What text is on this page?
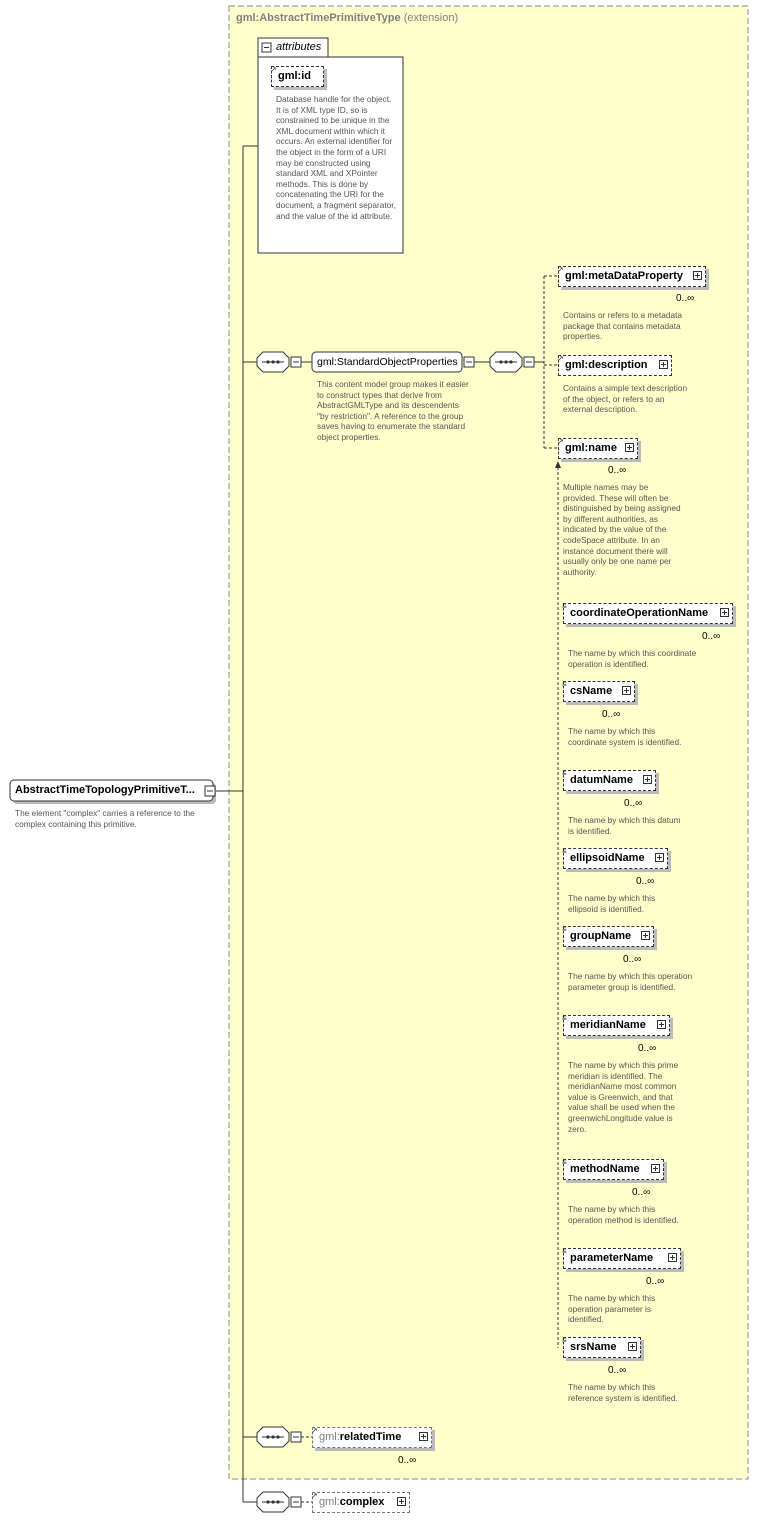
gml:AbstractTimePrimitiveType (extension)
attributes
↗
gml:id
Database handle for the object. It is of XML type ID, so is constrained to be unique in the XML document within which it occurs. An external identifier for the object in the form of a URI may be constructed using standard XML and XPointer methods. This is done by concatenating the URI for the document, a fragment separator, and the value of the id attribute.
AbstractTimeTopologyPrimitiveT...
The element "complex" carries a reference to the complex containing this primitive.
gml:StandardObjectProperties
This content model group makes it easier to construct types that derive from AbstractGMLType and its descendents "by restriction". A reference to the group saves having to enumerate the standard object properties.
↗
gml:metaDataProperty
0..∞
Contains or refers to a metadata package that contains metadata properties.
↗
gml:description
Contains a simple text description of the object, or refers to an external description.
↗
gml:name
0..∞
Multiple names may be provided. These will often be distinguished by being assigned by different authorities, as indicated by the value of the codeSpace attribute. In an instance document there will usually only be one name per authority.
≡
coordinateOperationName
0..∞
The name by which this coordinate operation is identified.
≡
csName
0..∞
The name by which this coordinate system is identified.
≡
datumName
0..∞
The name by which this datum is identified.
≡
ellipsoidName
0..∞
The name by which this ellipsoid is identified.
≡
groupName
0..∞
The name by which this operation parameter group is identified.
≡
meridianName
0..∞
The name by which this prime meridian is identified. The meridianName most common value is Greenwich, and that value shall be used when the greenwichLongitude value is zero.
≡
methodName
0..∞
The name by which this operation method is identified.
≡
parameterName
0..∞
The name by which this operation parameter is identified.
≡
srsName
0..∞
The name by which this reference system is identified.
↗
gml:relatedTime
0..∞
↗
gml:complex
